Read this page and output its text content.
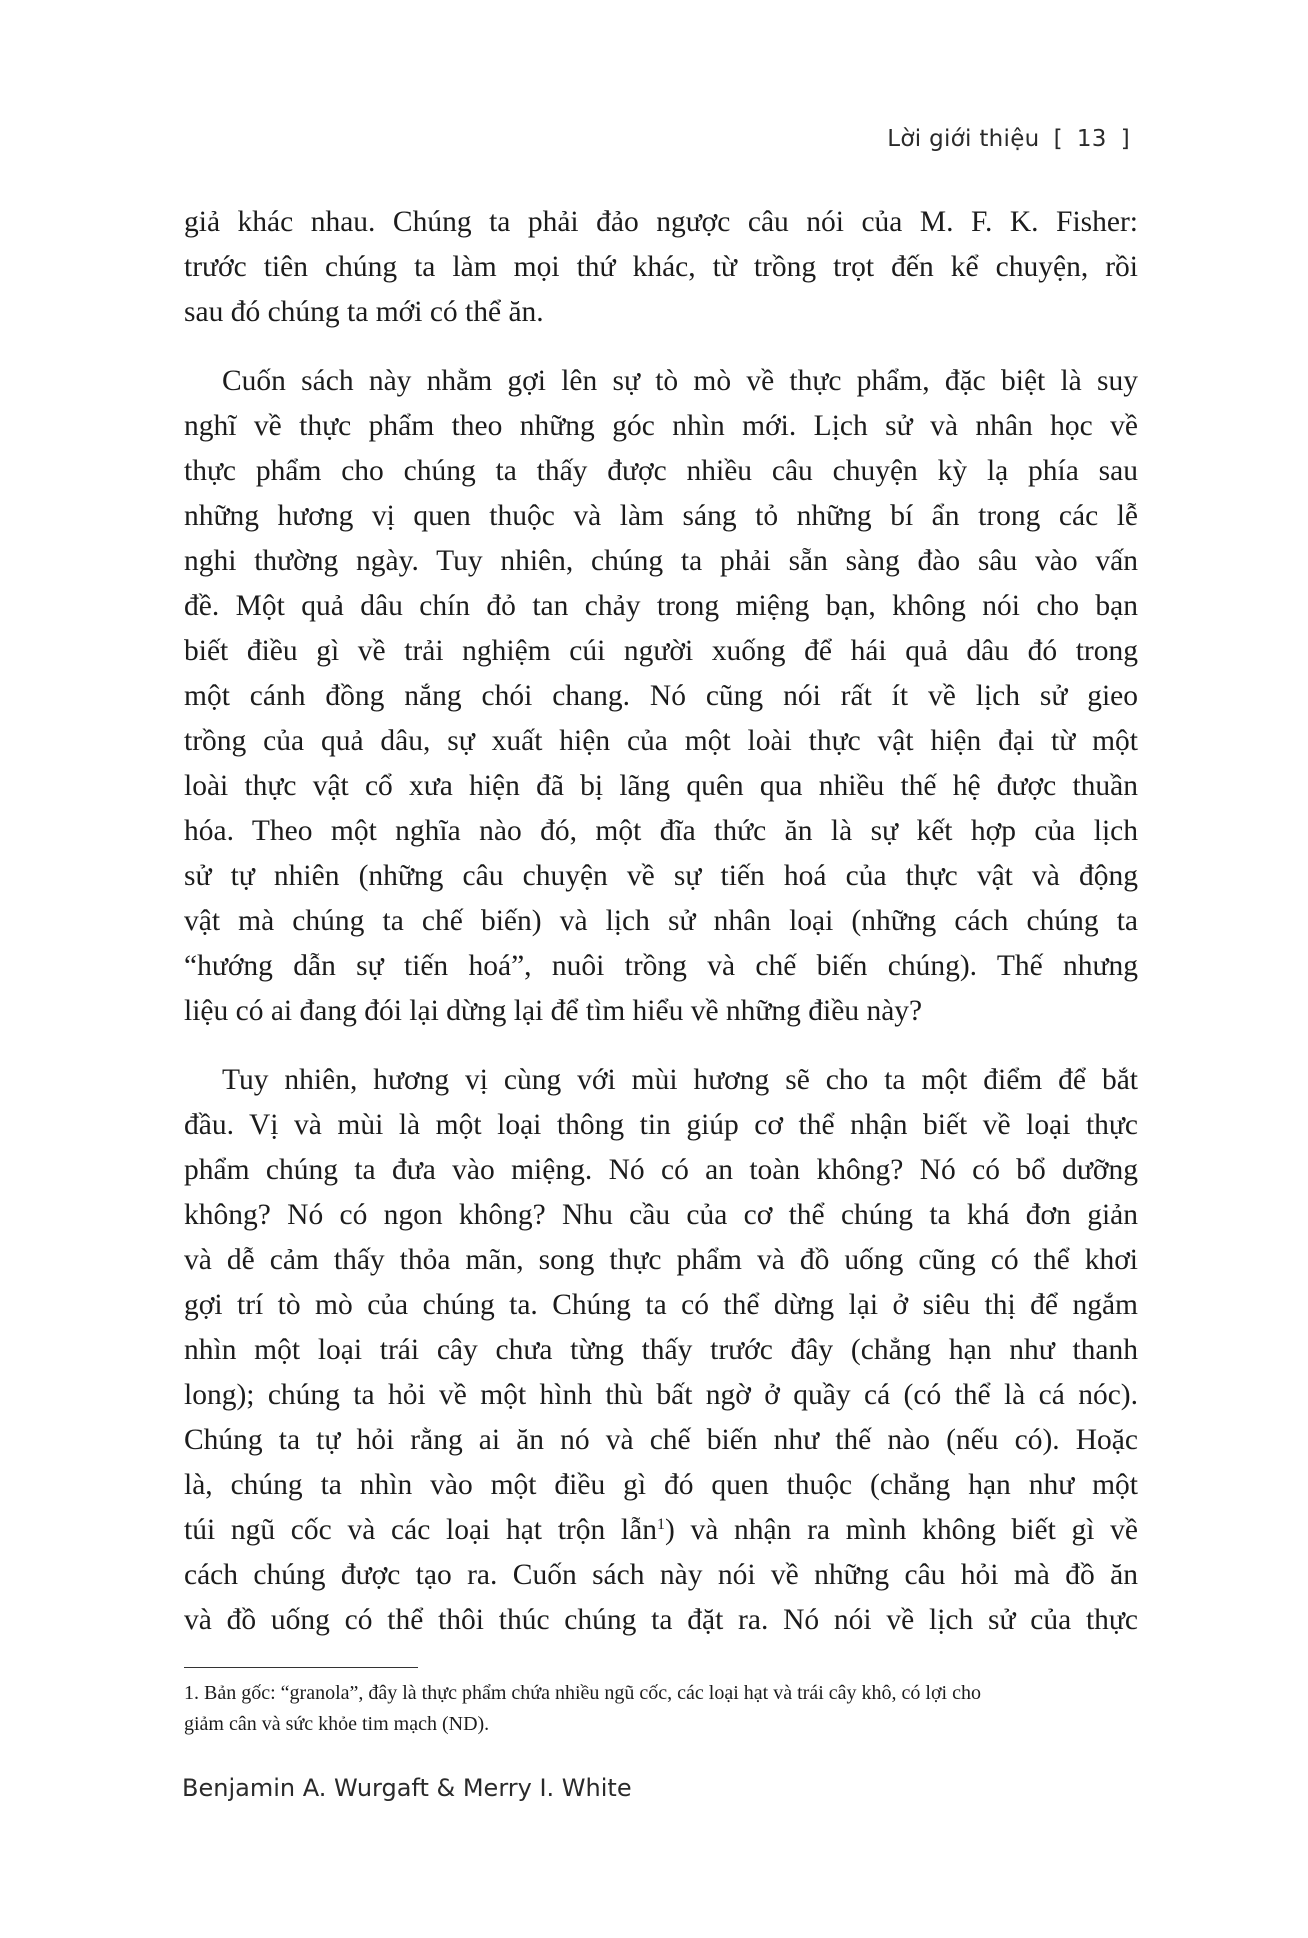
Lời giới thiệu [ 13 ]

giả khác nhau. Chúng ta phải đảo ngược câu nói của M. F. K. Fisher:
trước tiên chúng ta làm mọi thứ khác, từ trồng trọt đến kể chuyện, rồi
sau đó chúng ta mới có thể ăn.

Cuốn sách này nhằm gợi lên sự tò mò về thực phẩm, đặc biệt là suy
nghĩ về thực phẩm theo những góc nhìn mới. Lịch sử và nhân học về
thực phẩm cho chúng ta thấy được nhiều câu chuyện kỳ lạ phía sau
những hương vị quen thuộc và làm sáng tỏ những bí ẩn trong các lễ
nghi thường ngày. Tuy nhiên, chúng ta phải sẵn sàng đào sâu vào vấn
đề. Một quả dâu chín đỏ tan chảy trong miệng bạn, không nói cho bạn
biết điều gì về trải nghiệm cúi người xuống để hái quả dâu đó trong
một cánh đồng nắng chói chang. Nó cũng nói rất ít về lịch sử gieo
trồng của quả dâu, sự xuất hiện của một loài thực vật hiện đại từ một
loài thực vật cổ xưa hiện đã bị lãng quên qua nhiều thế hệ được thuần
hóa. Theo một nghĩa nào đó, một đĩa thức ăn là sự kết hợp của lịch
sử tự nhiên (những câu chuyện về sự tiến hoá của thực vật và động
vật mà chúng ta chế biến) và lịch sử nhân loại (những cách chúng ta
“hướng dẫn sự tiến hoá”, nuôi trồng và chế biến chúng). Thế nhưng
liệu có ai đang đói lại dừng lại để tìm hiểu về những điều này?

Tuy nhiên, hương vị cùng với mùi hương sẽ cho ta một điểm để bắt
đầu. Vị và mùi là một loại thông tin giúp cơ thể nhận biết về loại thực
phẩm chúng ta đưa vào miệng. Nó có an toàn không? Nó có bổ dưỡng
không? Nó có ngon không? Nhu cầu của cơ thể chúng ta khá đơn giản
và dễ cảm thấy thỏa mãn, song thực phẩm và đồ uống cũng có thể khơi
gợi trí tò mò của chúng ta. Chúng ta có thể dừng lại ở siêu thị để ngắm
nhìn một loại trái cây chưa từng thấy trước đây (chẳng hạn như thanh
long); chúng ta hỏi về một hình thù bất ngờ ở quầy cá (có thể là cá nóc).
Chúng ta tự hỏi rằng ai ăn nó và chế biến như thế nào (nếu có). Hoặc
là, chúng ta nhìn vào một điều gì đó quen thuộc (chẳng hạn như một
túi ngũ cốc và các loại hạt trộn lẫn$^1$) và nhận ra mình không biết gì về
cách chúng được tạo ra. Cuốn sách này nói về những câu hỏi mà đồ ăn
và đồ uống có thể thôi thúc chúng ta đặt ra. Nó nói về lịch sử của thực

1. Bản gốc: “granola”, đây là thực phẩm chứa nhiều ngũ cốc, các loại hạt và trái cây khô, có lợi cho
giảm cân và sức khỏe tim mạch (ND).
Benjamin A. Wurgaft & Merry I. White
